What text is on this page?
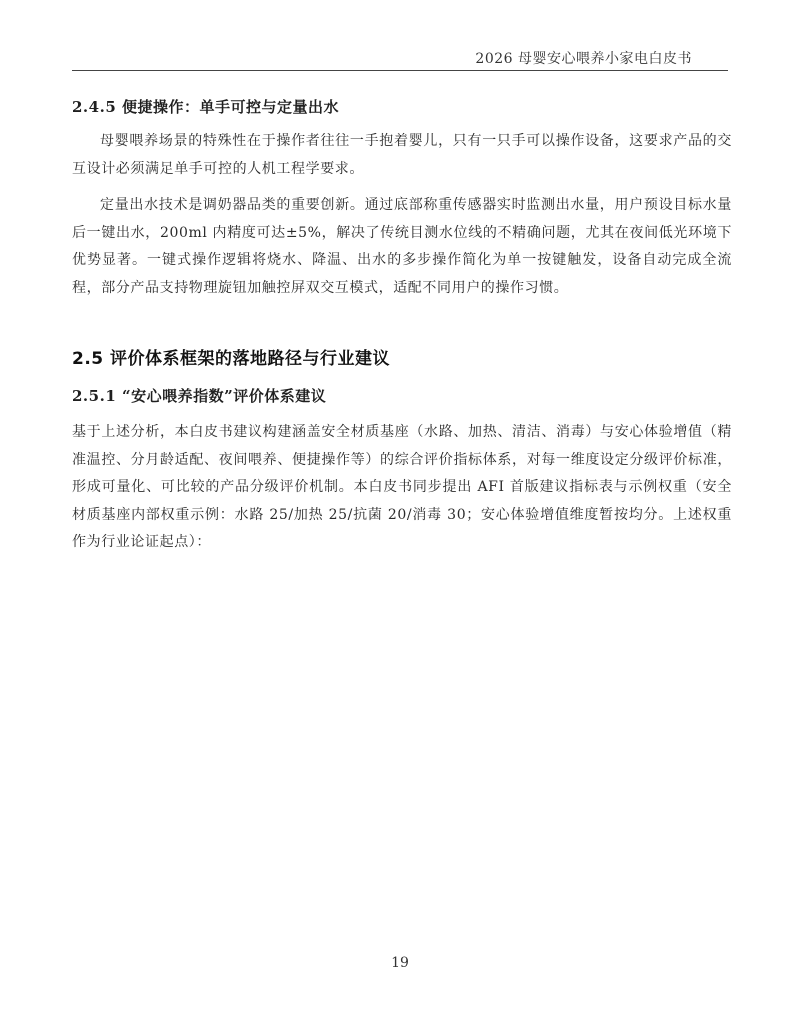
2026 母婴安心喂养小家电白皮书
2.4.5 便捷操作：单手可控与定量出水
母婴喂养场景的特殊性在于操作者往往一手抱着婴儿，只有一只手可以操作设备，这要求产品的交互设计必须满足单手可控的人机工程学要求。
定量出水技术是调奶器品类的重要创新。通过底部称重传感器实时监测出水量，用户预设目标水量后一键出水，200ml 内精度可达±5%，解决了传统目测水位线的不精确问题，尤其在夜间低光环境下优势显著。一键式操作逻辑将烧水、降温、出水的多步操作简化为单一按键触发，设备自动完成全流程，部分产品支持物理旋钮加触控屏双交互模式，适配不同用户的操作习惯。
2.5 评价体系框架的落地路径与行业建议
2.5.1 “安心喂养指数”评价体系建议
基于上述分析，本白皮书建议构建涵盖安全材质基座（水路、加热、清洁、消毒）与安心体验增值（精准温控、分月龄适配、夜间喂养、便捷操作等）的综合评价指标体系，对每一维度设定分级评价标准，形成可量化、可比较的产品分级评价机制。本白皮书同步提出 AFI 首版建议指标表与示例权重（安全材质基座内部权重示例：水路 25/加热 25/抗菌 20/消毒 30；安心体验增值维度暂按均分。上述权重作为行业论证起点）：
19
